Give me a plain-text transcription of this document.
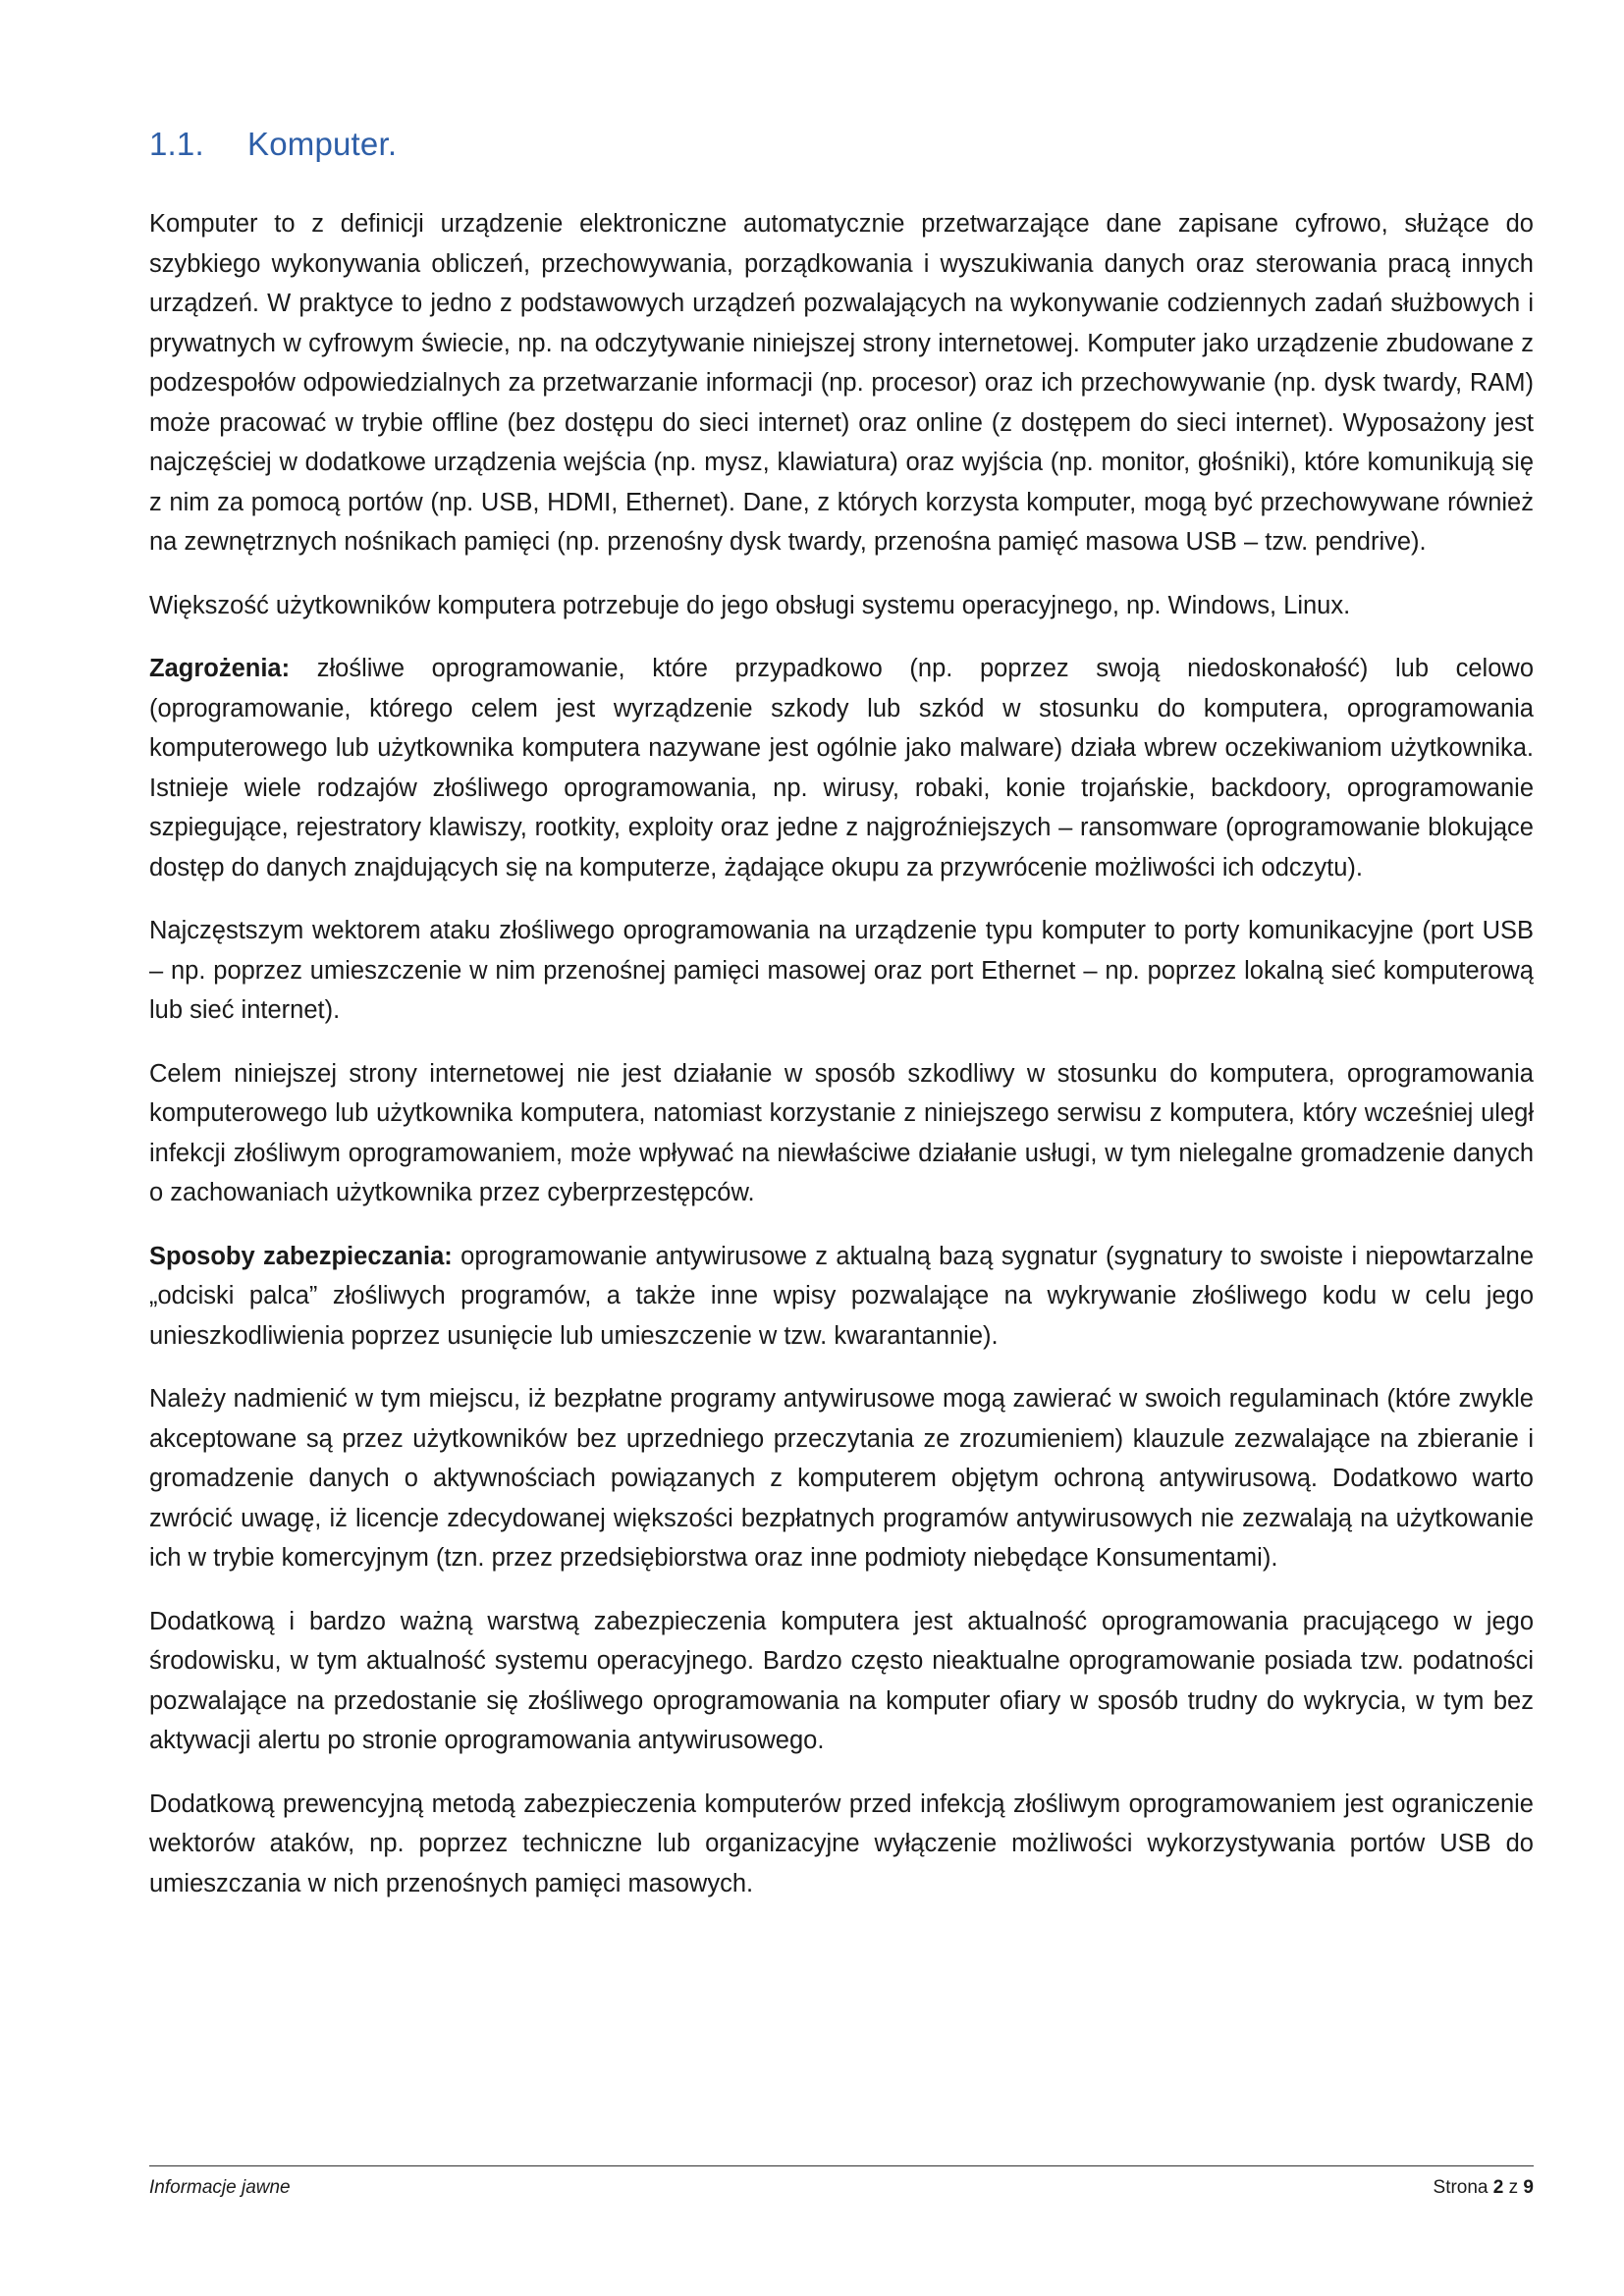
1.1. Komputer.

Komputer to z definicji urządzenie elektroniczne automatycznie przetwarzające dane zapisane cyfrowo, służące do szybkiego wykonywania obliczeń, przechowywania, porządkowania i wyszukiwania danych oraz sterowania pracą innych urządzeń. W praktyce to jedno z podstawowych urządzeń pozwalających na wykonywanie codziennych zadań służbowych i prywatnych w cyfrowym świecie, np. na odczytywanie niniejszej strony internetowej. Komputer jako urządzenie zbudowane z podzespołów odpowiedzialnych za przetwarzanie informacji (np. procesor) oraz ich przechowywanie (np. dysk twardy, RAM) może pracować w trybie offline (bez dostępu do sieci internet) oraz online (z dostępem do sieci internet). Wyposażony jest najczęściej w dodatkowe urządzenia wejścia (np. mysz, klawiatura) oraz wyjścia (np. monitor, głośniki), które komunikują się z nim za pomocą portów (np. USB, HDMI, Ethernet). Dane, z których korzysta komputer, mogą być przechowywane również na zewnętrznych nośnikach pamięci (np. przenośny dysk twardy, przenośna pamięć masowa USB – tzw. pendrive).

Większość użytkowników komputera potrzebuje do jego obsługi systemu operacyjnego, np. Windows, Linux.

Zagrożenia: złośliwe oprogramowanie, które przypadkowo (np. poprzez swoją niedoskonałość) lub celowo (oprogramowanie, którego celem jest wyrządzenie szkody lub szkód w stosunku do komputera, oprogramowania komputerowego lub użytkownika komputera nazywane jest ogólnie jako malware) działa wbrew oczekiwaniom użytkownika. Istnieje wiele rodzajów złośliwego oprogramowania, np. wirusy, robaki, konie trojańskie, backdoory, oprogramowanie szpiegujące, rejestratory klawiszy, rootkity, exploity oraz jedne z najgroźniejszych – ransomware (oprogramowanie blokujące dostęp do danych znajdujących się na komputerze, żądające okupu za przywrócenie możliwości ich odczytu).

Najczęstszym wektorem ataku złośliwego oprogramowania na urządzenie typu komputer to porty komunikacyjne (port USB – np. poprzez umieszczenie w nim przenośnej pamięci masowej oraz port Ethernet – np. poprzez lokalną sieć komputerową lub sieć internet).

Celem niniejszej strony internetowej nie jest działanie w sposób szkodliwy w stosunku do komputera, oprogramowania komputerowego lub użytkownika komputera, natomiast korzystanie z niniejszego serwisu z komputera, który wcześniej uległ infekcji złośliwym oprogramowaniem, może wpływać na niewłaściwe działanie usługi, w tym nielegalne gromadzenie danych o zachowaniach użytkownika przez cyberprzestępców.

Sposoby zabezpieczania: oprogramowanie antywirusowe z aktualną bazą sygnatur (sygnatury to swoiste i niepowtarzalne „odciski palca” złośliwych programów, a także inne wpisy pozwalające na wykrywanie złośliwego kodu w celu jego unieszkodliwienia poprzez usunięcie lub umieszczenie w tzw. kwarantannie).

Należy nadmienić w tym miejscu, iż bezpłatne programy antywirusowe mogą zawierać w swoich regulaminach (które zwykle akceptowane są przez użytkowników bez uprzedniego przeczytania ze zrozumieniem) klauzule zezwalające na zbieranie i gromadzenie danych o aktywnościach powiązanych z komputerem objętym ochroną antywirusową. Dodatkowo warto zwrócić uwagę, iż licencje zdecydowanej większości bezpłatnych programów antywirusowych nie zezwalają na użytkowanie ich w trybie komercyjnym (tzn. przez przedsiębiorstwa oraz inne podmioty niebędące Konsumentami).

Dodatkową i bardzo ważną warstwą zabezpieczenia komputera jest aktualność oprogramowania pracującego w jego środowisku, w tym aktualność systemu operacyjnego. Bardzo często nieaktualne oprogramowanie posiada tzw. podatności pozwalające na przedostanie się złośliwego oprogramowania na komputer ofiary w sposób trudny do wykrycia, w tym bez aktywacji alertu po stronie oprogramowania antywirusowego.

Dodatkową prewencyjną metodą zabezpieczenia komputerów przed infekcją złośliwym oprogramowaniem jest ograniczenie wektorów ataków, np. poprzez techniczne lub organizacyjne wyłączenie możliwości wykorzystywania portów USB do umieszczania w nich przenośnych pamięci masowych.

Informacje jawne	Strona 2 z 9
